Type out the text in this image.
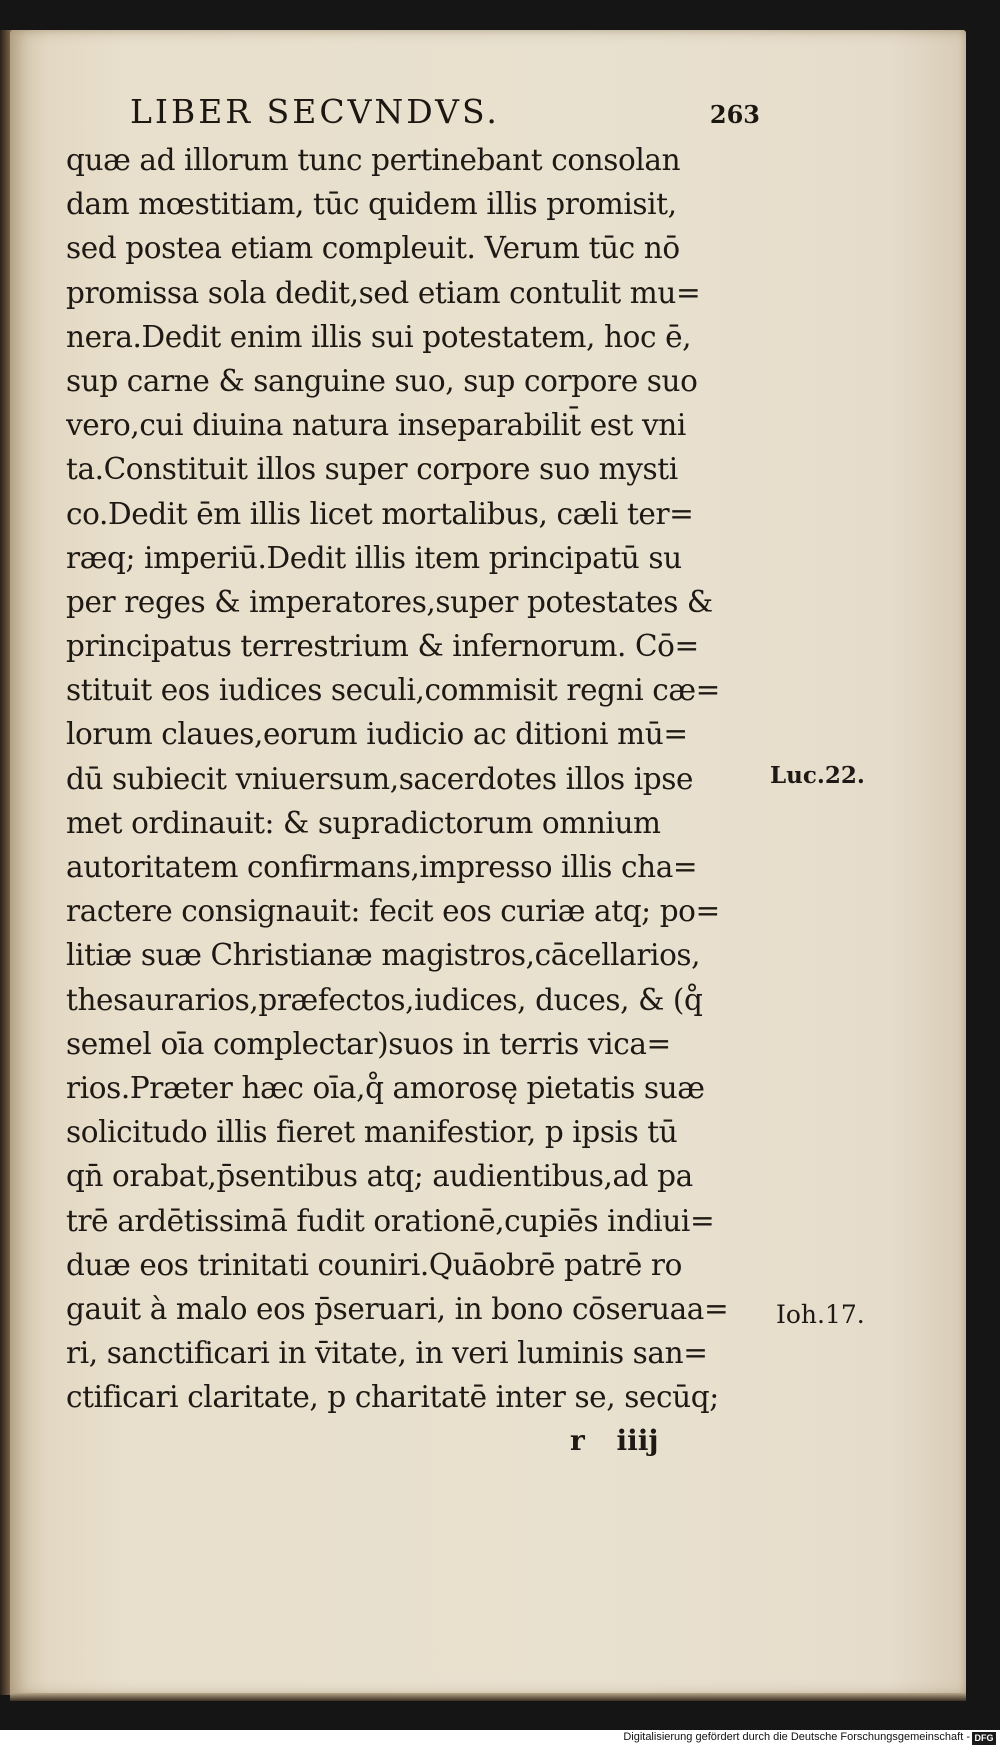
LIBER SECVNDVS.	263
quæ ad illorum tunc pertinebant consolan
dam mœstitiam, tūc quidem illis promisit,
sed postea etiam compleuit. Verum tūc nō
promissa sola dedit,sed etiam contulit mu=
nera.Dedit enim illis sui potestatem, hoc ē,
sup carne & sanguine suo, sup corpore suo
vero,cui diuina natura inseparabilit̄ est vni
ta.Constituit illos super corpore suo mysti
co.Dedit ēm illis licet mortalibus, cæli ter=
ræq; imperiū.Dedit illis item principatū su
per reges & imperatores,super potestates &
principatus terrestrium & infernorum. Cō=
stituit eos iudices seculi,commisit regni cæ=
lorum claues,eorum iudicio ac ditioni mū=
dū subiecit vniuersum,sacerdotes illos ipse
met ordinauit: & supradictorum omnium
autoritatem confirmans,impresso illis cha=
ractere consignauit: fecit eos curiæ atq; po=
litiæ suæ Christianæ magistros,cācellarios,
thesaurarios,præfectos,iudices, duces, & (q̊
semel oīa complectar)suos in terris vica=
rios.Præter hæc oīa,q̊ amorosę pietatis suæ
solicitudo illis fieret manifestior, p ipsis tū
qn̄ orabat,p̄sentibus atq; audientibus,ad pa
trē ardētissimā fudit orationē,cupiēs indiui=
duæ eos trinitati couniri.Quāobrē patrē ro
gauit à malo eos p̄seruari, in bono cōseruaa=
ri, sanctificari in v̄itate, in veri luminis san=
ctificari claritate, p charitatē inter se, secūq;
Luc.22.
Ioh.17.
r iiij
Digitalisierung gefördert durch die Deutsche Forschungsgemeinschaft - DFG
